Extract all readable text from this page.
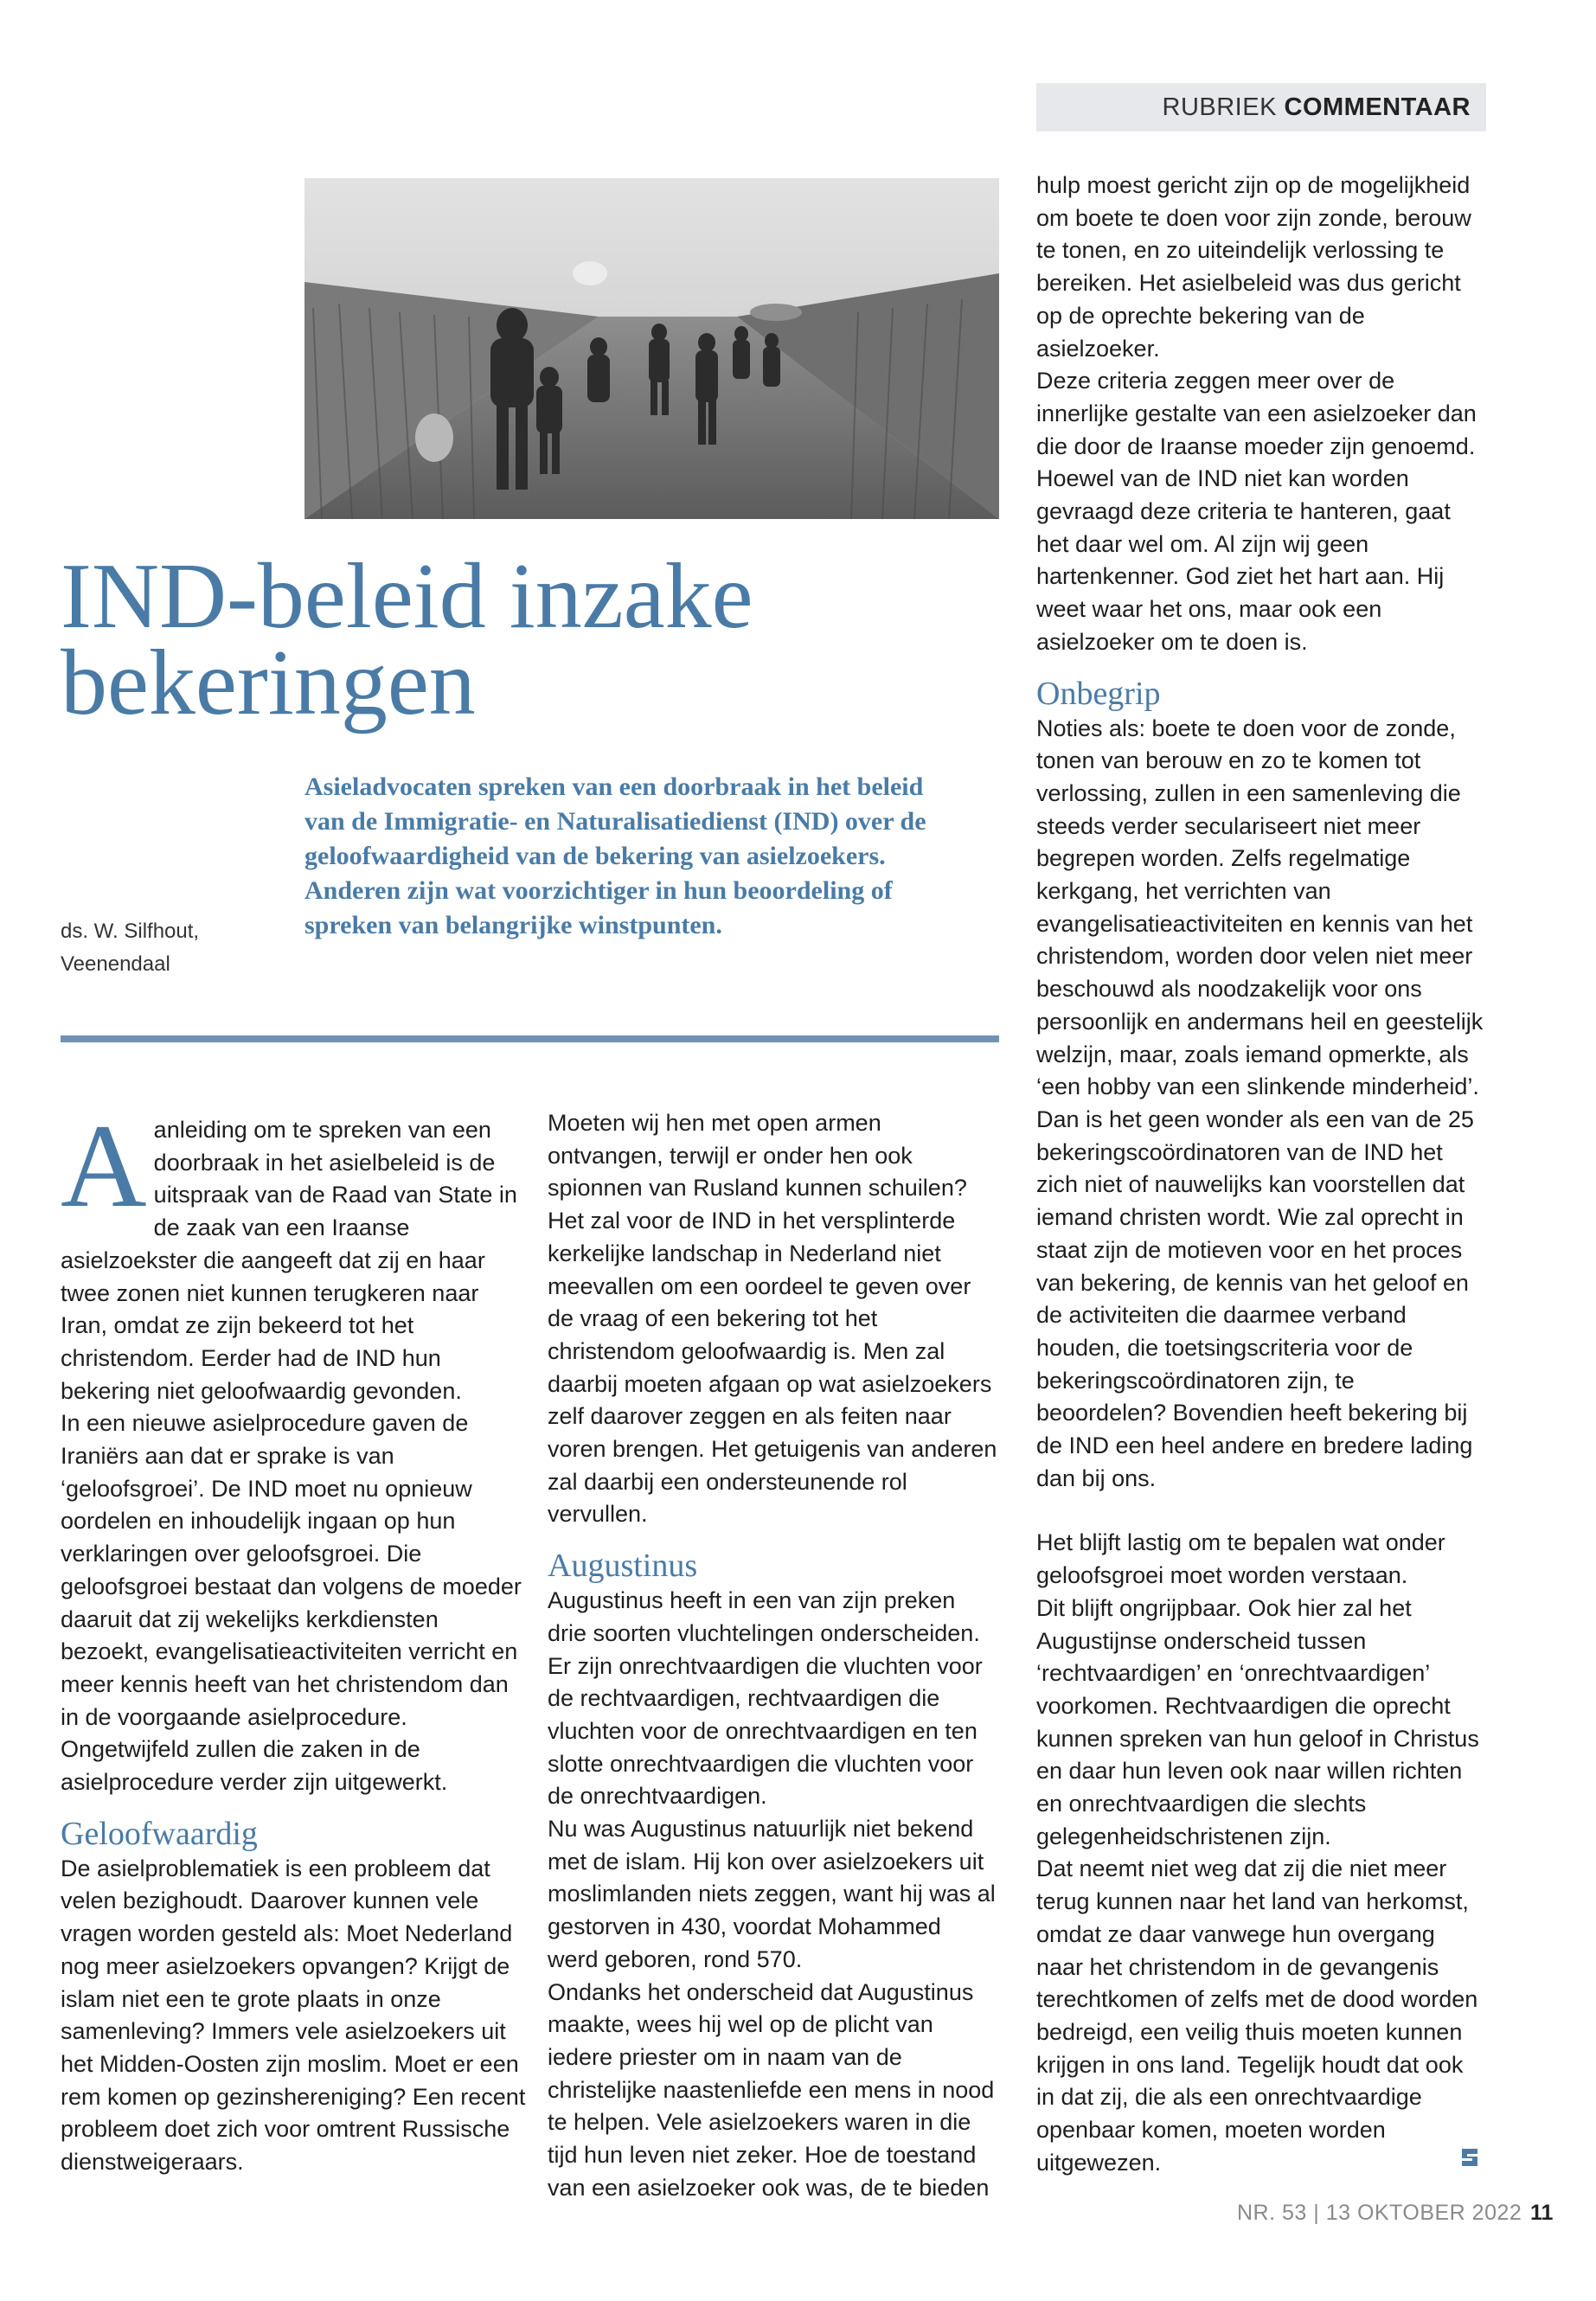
RUBRIEK COMMENTAAR
IND-beleid inzake
bekeringen

Asieladvocaten spreken van een doorbraak in het beleid van de Immigratie- en Naturalisatiedienst (IND) over de geloofwaardigheid van de bekering van asielzoekers. Anderen zijn wat voorzichtiger in hun beoordeling of spreken van belangrijke winstpunten.

ds. W. Silfhout,
Veenendaal

Aanleiding om te spreken van een doorbraak in het asielbeleid is de uitspraak van de Raad van State in de zaak van een Iraanse asielzoekster die aangeeft dat zij en haar twee zonen niet kunnen terugkeren naar Iran, omdat ze zijn bekeerd tot het christendom. Eerder had de IND hun bekering niet geloofwaardig gevonden.

In een nieuwe asielprocedure gaven de Iraniërs aan dat er sprake is van ‘geloofsgroei’. De IND moet nu opnieuw oordelen en inhoudelijk ingaan op hun verklaringen over geloofsgroei. Die geloofsgroei bestaat dan volgens de moeder daaruit dat zij wekelijks kerkdiensten bezoekt, evangelisatieactiviteiten verricht en meer kennis heeft van het christendom dan in de voorgaande asielprocedure. Ongetwijfeld zullen die zaken in de asielprocedure verder zijn uitgewerkt.

Geloofwaardig

De asielproblematiek is een probleem dat velen bezighoudt. Daarover kunnen vele vragen worden gesteld als: Moet Nederland nog meer asielzoekers opvangen? Krijgt de islam niet een te grote plaats in onze samenleving? Immers vele asielzoekers uit het Midden-Oosten zijn moslim. Moet er een rem komen op gezinshereniging? Een recent probleem doet zich voor omtrent Russische dienstweigeraars.

Moeten wij hen met open armen ontvangen, terwijl er onder hen ook spionnen van Rusland kunnen schuilen?

Het zal voor de IND in het versplinterde kerkelijke landschap in Nederland niet meevallen om een oordeel te geven over de vraag of een bekering tot het christendom geloofwaardig is. Men zal daarbij moeten afgaan op wat asielzoekers zelf daarover zeggen en als feiten naar voren brengen. Het getuigenis van anderen zal daarbij een ondersteunende rol vervullen.

Augustinus

Augustinus heeft in een van zijn preken drie soorten vluchtelingen onderscheiden. Er zijn onrechtvaardigen die vluchten voor de rechtvaardigen, rechtvaardigen die vluchten voor de onrechtvaardigen en ten slotte onrechtvaardigen die vluchten voor de onrechtvaardigen.

Nu was Augustinus natuurlijk niet bekend met de islam. Hij kon over asielzoekers uit moslimlanden niets zeggen, want hij was al gestorven in 430, voordat Mohammed werd geboren, rond 570.

Ondanks het onderscheid dat Augustinus maakte, wees hij wel op de plicht van iedere priester om in naam van de christelijke naastenliefde een mens in nood te helpen. Vele asielzoekers waren in die tijd hun leven niet zeker. Hoe de toestand van een asielzoeker ook was, de te bieden

hulp moest gericht zijn op de mogelijkheid om boete te doen voor zijn zonde, berouw te tonen, en zo uiteindelijk verlossing te bereiken. Het asielbeleid was dus gericht op de oprechte bekering van de asielzoeker.

Deze criteria zeggen meer over de innerlijke gestalte van een asielzoeker dan die door de Iraanse moeder zijn genoemd. Hoewel van de IND niet kan worden gevraagd deze criteria te hanteren, gaat het daar wel om. Al zijn wij geen hartenkenner. God ziet het hart aan. Hij weet waar het ons, maar ook een asielzoeker om te doen is.

Onbegrip

Noties als: boete te doen voor de zonde, tonen van berouw en zo te komen tot verlossing, zullen in een samenleving die steeds verder seculariseert niet meer begrepen worden. Zelfs regelmatige kerkgang, het verrichten van evangelisatieactiviteiten en kennis van het christendom, worden door velen niet meer beschouwd als noodzakelijk voor ons persoonlijk en andermans heil en geestelijk welzijn, maar, zoals iemand opmerkte, als ‘een hobby van een slinkende minderheid’.

Dan is het geen wonder als een van de 25 bekeringscoördinatoren van de IND het zich niet of nauwelijks kan voorstellen dat iemand christen wordt. Wie zal oprecht in staat zijn de motieven voor en het proces van bekering, de kennis van het geloof en de activiteiten die daarmee verband houden, die toetsingscriteria voor de bekeringscoördinatoren zijn, te beoordelen? Bovendien heeft bekering bij de IND een heel andere en bredere lading dan bij ons.

Het blijft lastig om te bepalen wat onder geloofsgroei moet worden verstaan.

Dit blijft ongrijpbaar. Ook hier zal het Augustijnse onderscheid tussen ‘rechtvaardigen’ en ‘onrechtvaardigen’ voorkomen. Rechtvaardigen die oprecht kunnen spreken van hun geloof in Christus en daar hun leven ook naar willen richten en onrechtvaardigen die slechts gelegenheidschristenen zijn.

Dat neemt niet weg dat zij die niet meer terug kunnen naar het land van herkomst, omdat ze daar vanwege hun overgang naar het christendom in de gevangenis terechtkomen of zelfs met de dood worden bedreigd, een veilig thuis moeten kunnen krijgen in ons land. Tegelijk houdt dat ook in dat zij, die als een onrechtvaardige openbaar komen, moeten worden uitgewezen.

NR. 53 | 13 OKTOBER 2022 11
